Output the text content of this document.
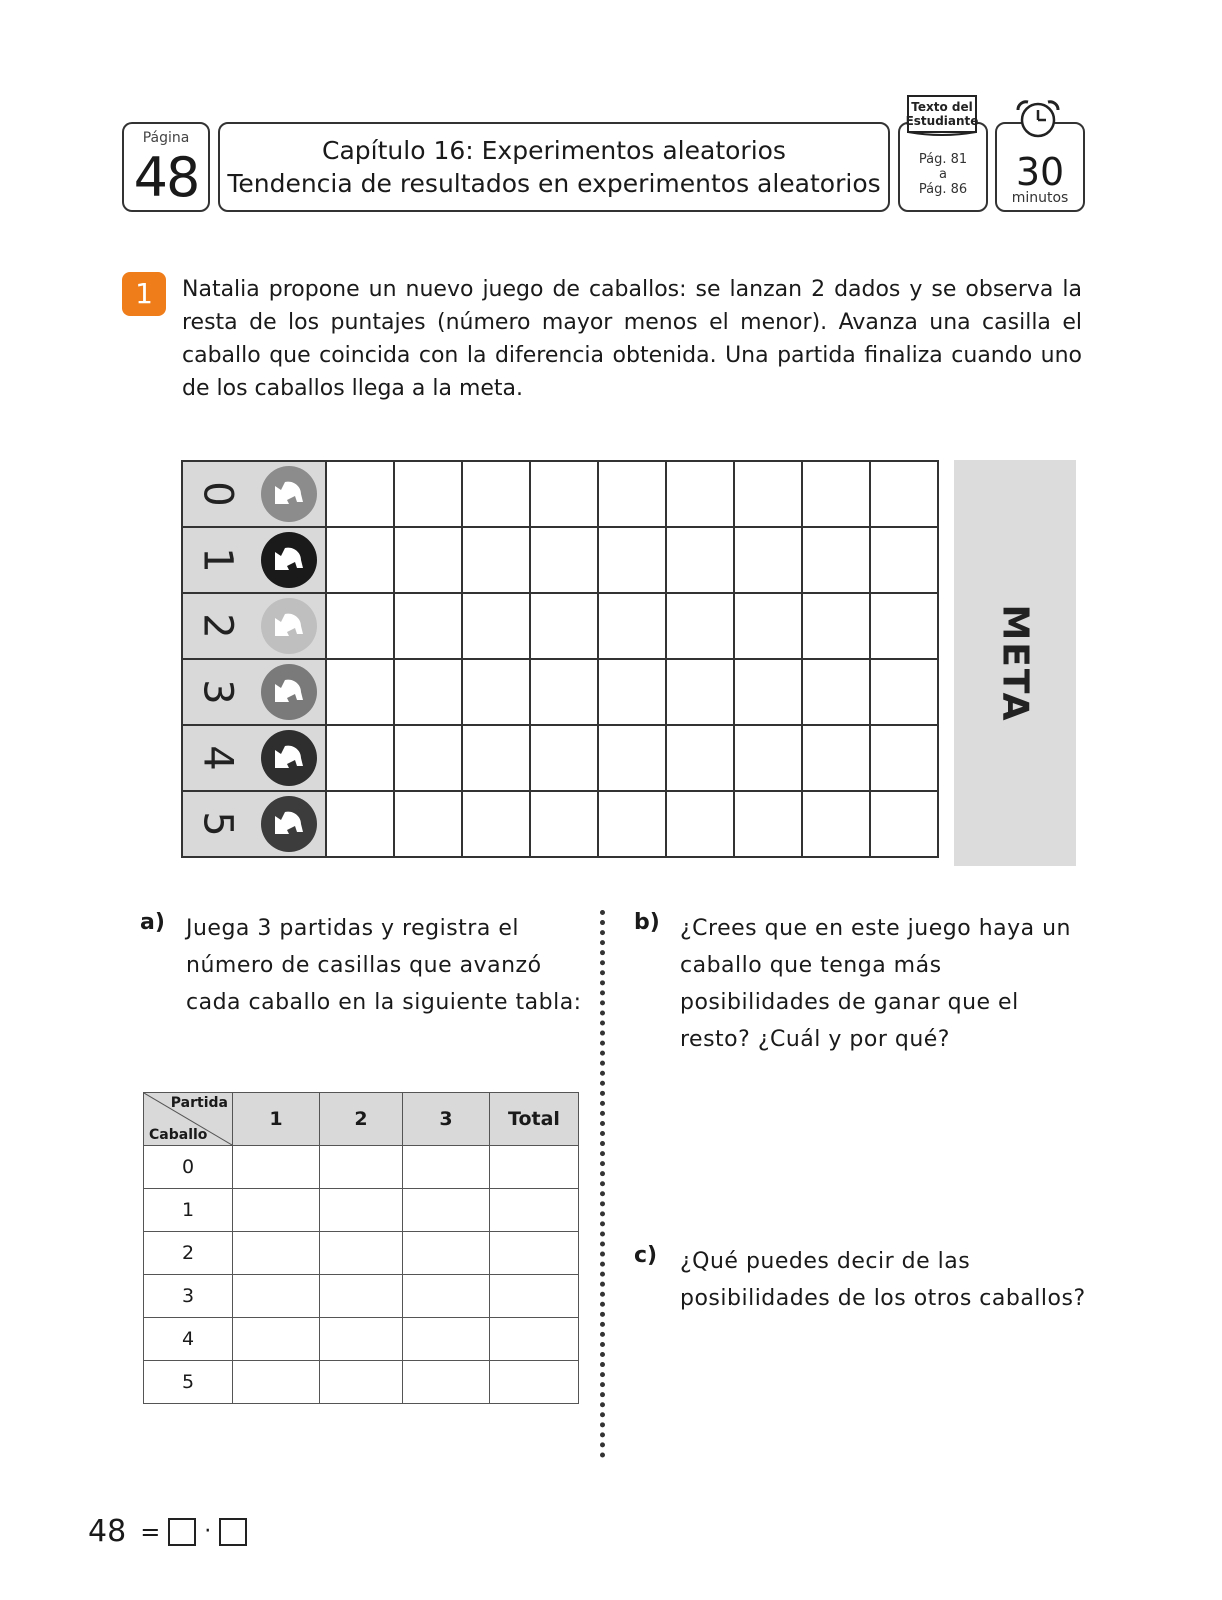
Página
48	Capítulo 16: Experimentos aleatorios
Tendencia de resultados en experimentos aleatorios
Pág. 81
a
Pág. 86
Texto del
Estudiante
30
minutos
1	Natalia propone un nuevo juego de caballos: se lanzan 2 dados y se observa la resta de los puntajes (número mayor menos el menor). Avanza una casilla el caballo que coincida con la diferencia obtenida. Una partida finaliza cuando uno de los caballos llega a la meta.
0	

1	

2	

3	

4	

5	

META
a) Juega 3 partidas y registra el número de casillas que avanzó cada caballo en la siguiente tabla:
b) ¿Crees que en este juego haya un caballo que tenga más posibilidades de ganar que el resto? ¿Cuál y por qué?
c) ¿Qué puedes decir de las posibilidades de los otros caballos?
Partida
Caballo	1	2	3	Total
0				
1				
2				
3				
4				
5				
48 = ·
